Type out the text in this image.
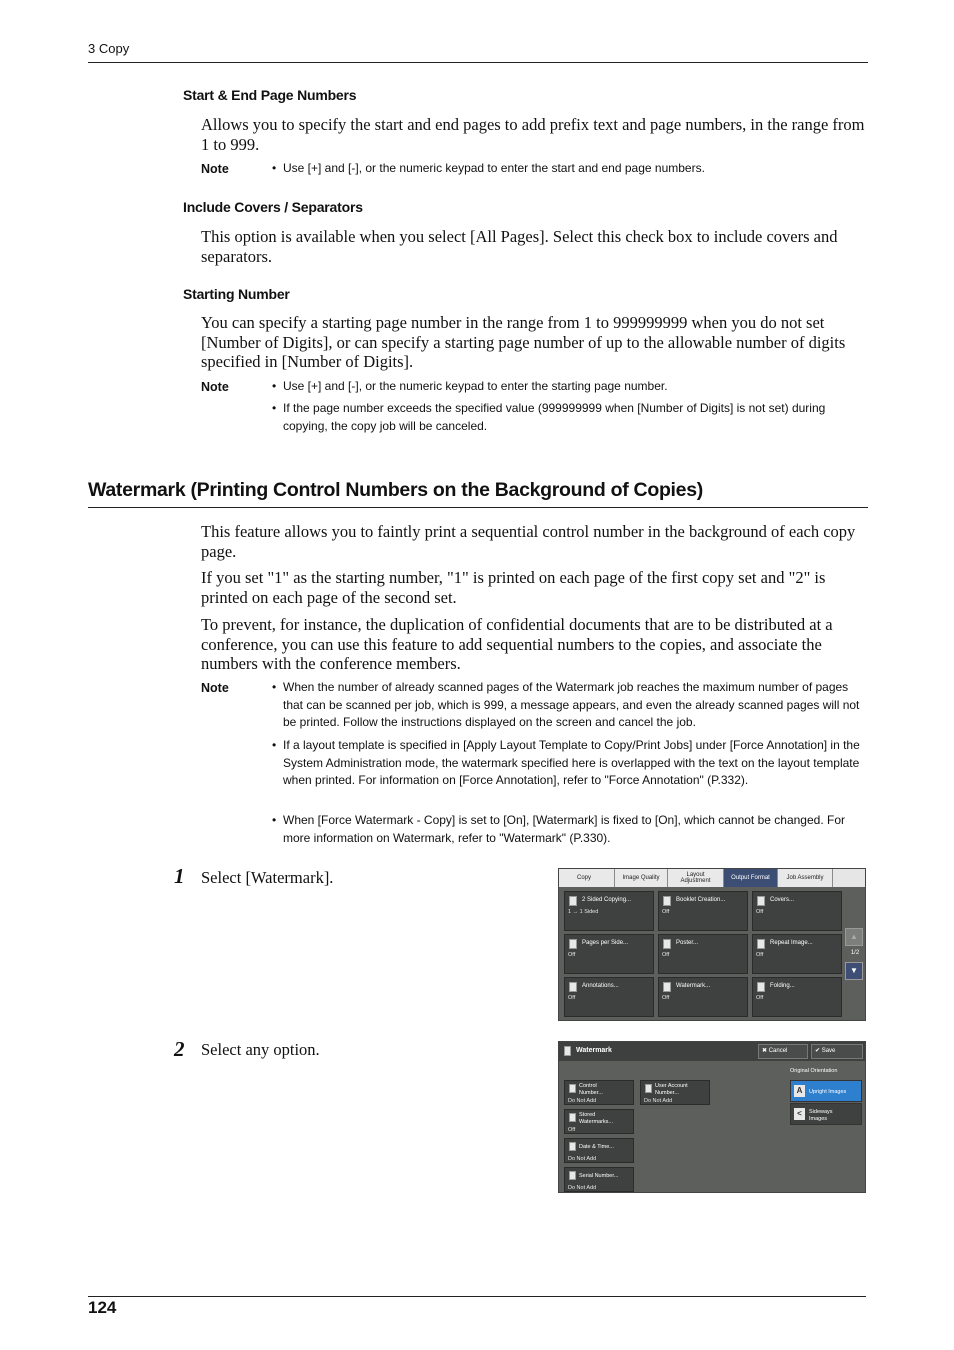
3 Copy
Start & End Page Numbers
Allows you to specify the start and end pages to add prefix text and page numbers, in the range from 1 to 999.
Note	• Use [+] and [-], or the numeric keypad to enter the start and end page numbers.
Include Covers / Separators
This option is available when you select [All Pages]. Select this check box to include covers and separators.
Starting Number
You can specify a starting page number in the range from 1 to 999999999 when you do not set [Number of Digits], or can specify a starting page number of up to the allowable number of digits specified in [Number of Digits].
Note	• Use [+] and [-], or the numeric keypad to enter the starting page number.
• If the page number exceeds the specified value (999999999 when [Number of Digits] is not set) during copying, the copy job will be canceled.
Watermark (Printing Control Numbers on the Background of Copies)
This feature allows you to faintly print a sequential control number in the background of each copy page.
If you set "1" as the starting number, "1" is printed on each page of the first copy set and "2" is printed on each page of the second set.
To prevent, for instance, the duplication of confidential documents that are to be distributed at a conference, you can use this feature to add sequential numbers to the copies, and associate the numbers with the conference members.
Note	• When the number of already scanned pages of the Watermark job reaches the maximum number of pages that can be scanned per job, which is 999, a message appears, and even the already scanned pages will not be printed. Follow the instructions displayed on the screen and cancel the job.
• If a layout template is specified in [Apply Layout Template to Copy/Print Jobs] under [Force Annotation] in the System Administration mode, the watermark specified here is overlapped with the text on the layout template when printed. For information on [Force Annotation], refer to "Force Annotation" (P.332).
• When [Force Watermark - Copy] is set to [On], [Watermark] is fixed to [On], which cannot be changed. For more information on Watermark, refer to "Watermark" (P.330).
1 Select [Watermark].
2 Select any option.
Copy	Image Quality
Layout Adjustment	Output Format	Job Assembly
2 Sided Copying...
1 → 1 Sided
Booklet Creation...
Off
Covers...
Off
Pages per Side...
Off
Poster...
Off
Repeat Image...
Off
Annotations...
Off
Watermark...
Off
Folding...
Off
▲
1/2
▼
Watermark	✖ Cancel	✔ Save
Control
Number...
Do Not Add
User Account
Number...
Do Not Add
Stored
Watermarks...
Off
Date & Time...
Do Not Add
Serial Number...
Do Not Add
Original Orientation
A	Upright Images
<	Sideways
Images
124
